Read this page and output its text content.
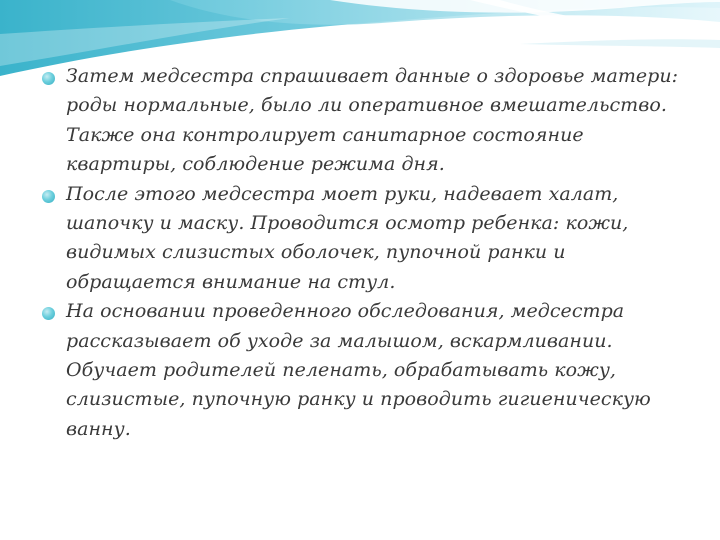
Затем медсестра спрашивает данные о здоровье матери: роды нормальные, было ли оперативное вмешательство. Также она контролирует санитарное состояние квартиры, соблюдение режима дня.
После этого медсестра моет руки, надевает халат, шапочку и маску. Проводится осмотр ребенка: кожи, видимых слизистых оболочек, пупочной ранки и обращается внимание на стул.
На основании проведенного обследования, медсестра рассказывает об уходе за малышом, вскармливании. Обучает родителей пеленать, обрабатывать кожу, слизистые, пупочную ранку и проводить гигиеническую ванну.
